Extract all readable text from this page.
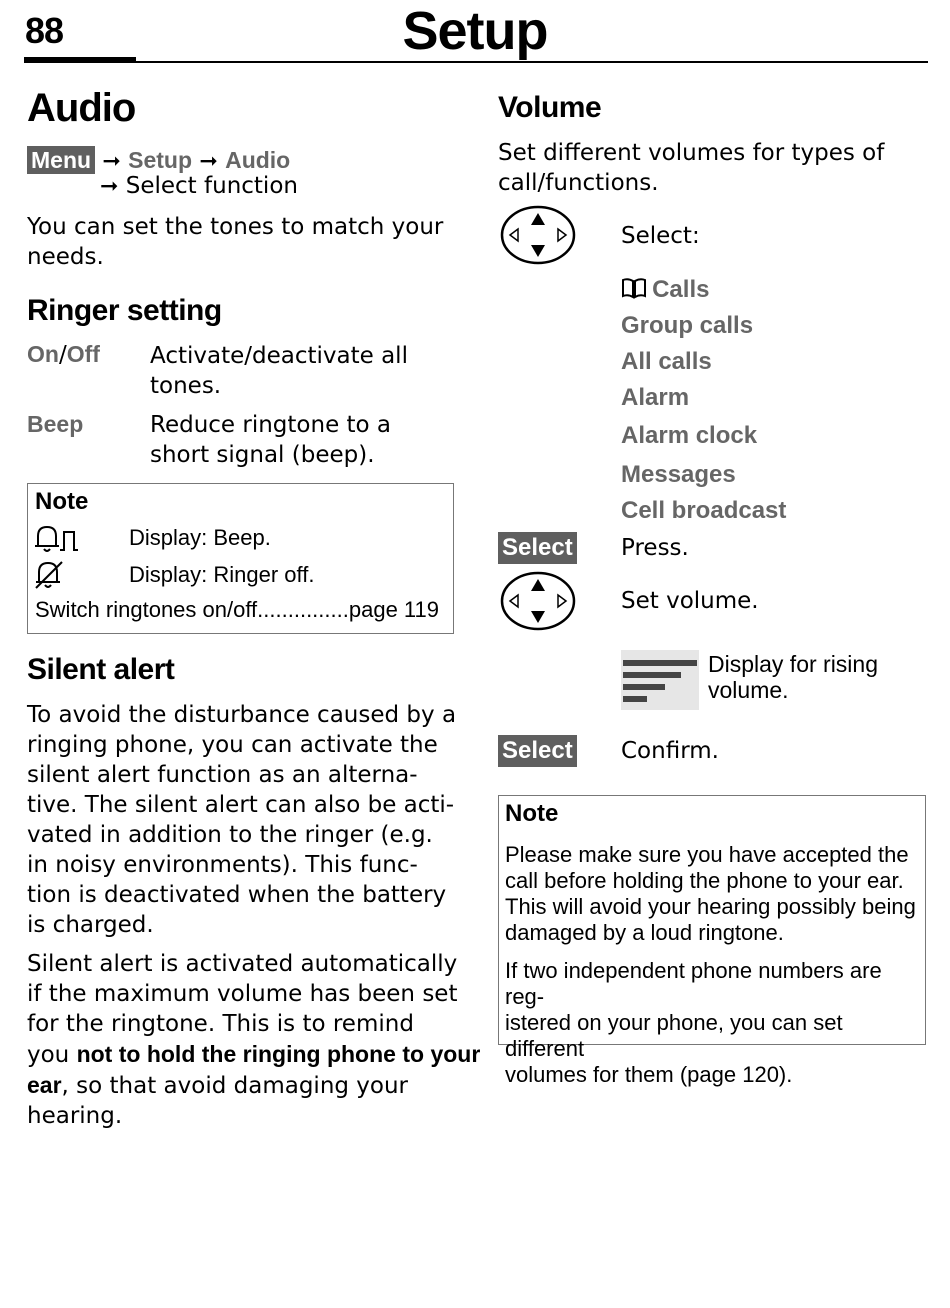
88	Setup
Audio
Menu ➞ Setup ➞ Audio
➞ Select function
You can set the tones to match your
needs.
Ringer setting
On/Off Activate/deactivate all
tones.
Beep	Reduce ringtone to a
short signal (beep).
Note
Display: Beep.
Display: Ringer off.
Switch ringtones on/off...............page 119
Silent alert
To avoid the disturbance caused by a
ringing phone, you can activate the
silent alert function as an alterna-
tive. The silent alert can also be acti-
vated in addition to the ringer (e.g.
in noisy environments). This func-
tion is deactivated when the battery
is charged.
Silent alert is activated automatically
if the maximum volume has been set
for the ringtone. This is to remind
you not to hold the ringing phone to your
ear, so that avoid damaging your
hearing.
Volume
Set different volumes for types of
call/functions.
Select:
Calls
Group calls
All calls
Alarm
Alarm clock
Messages
Cell broadcast
Select Press.
Set volume.
Display for rising
volume.
Select Confirm.
Note
Please make sure you have accepted the
call before holding the phone to your ear.
This will avoid your hearing possibly being
damaged by a loud ringtone.
If two independent phone numbers are reg-
istered on your phone, you can set different
volumes for them (page 120).
